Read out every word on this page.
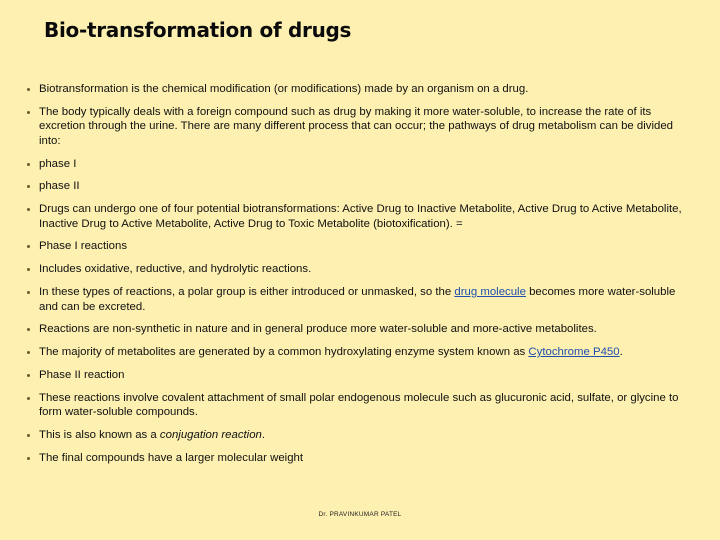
Bio-transformation of drugs
Biotransformation is the chemical modification (or modifications) made by an organism on a drug.
The body typically deals with a foreign compound such as drug by making it more water-soluble, to increase the rate of its excretion through the urine. There are many different process that can occur; the pathways of drug metabolism can be divided into:
phase I
phase II
Drugs can undergo one of four potential biotransformations: Active Drug to Inactive Metabolite, Active Drug to Active Metabolite, Inactive Drug to Active Metabolite, Active Drug to Toxic Metabolite (biotoxification). =
Phase I reactions
Includes oxidative, reductive, and hydrolytic reactions.
In these types of reactions, a polar group is either introduced or unmasked, so the drug molecule becomes more water-soluble and can be excreted.
Reactions are non-synthetic in nature and in general produce more water-soluble and more-active metabolites.
The majority of metabolites are generated by a common hydroxylating enzyme system known as Cytochrome P450.
Phase II reaction
These reactions involve covalent attachment of small polar endogenous molecule such as glucuronic acid, sulfate, or glycine to form water-soluble compounds.
This is also known as a conjugation reaction.
The final compounds have a larger molecular weight
Dr. PRAVINKUMAR PATEL
